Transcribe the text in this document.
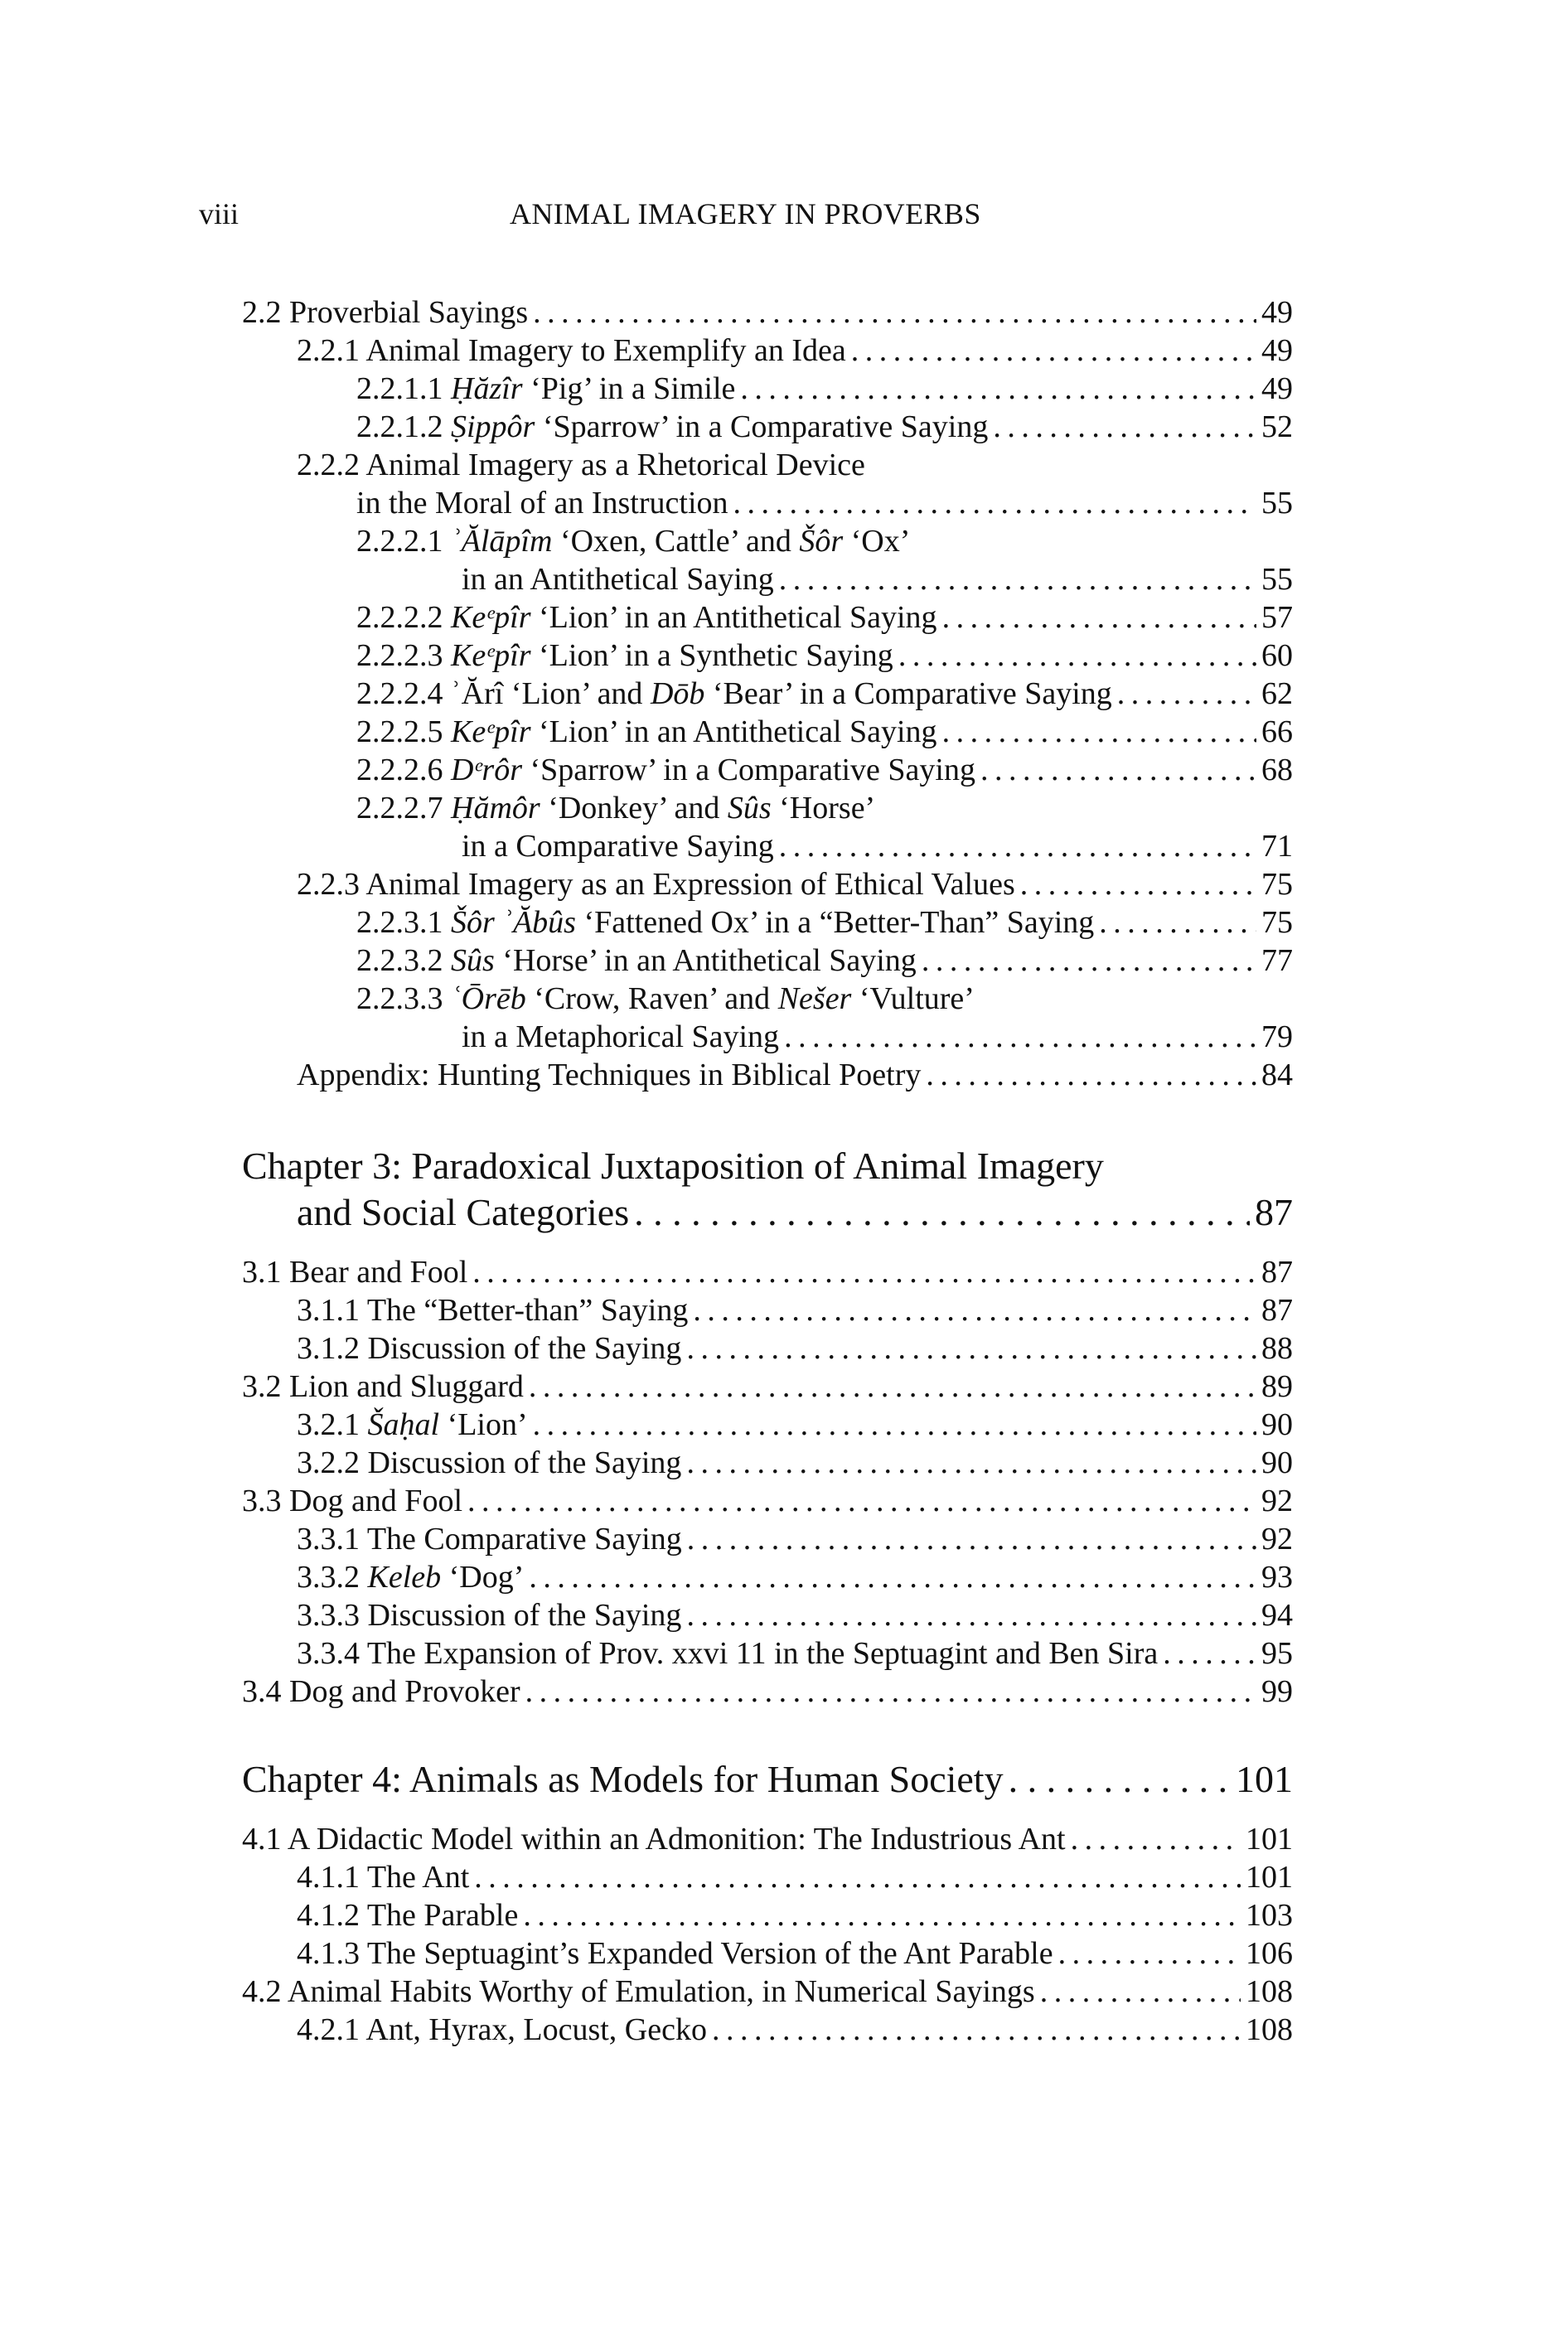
viii	ANIMAL IMAGERY IN PROVERBS
2.2 Proverbial Sayings . . .	49
2.2.1 Animal Imagery to Exemplify an Idea . . .	49
2.2.1.1 Ḥăzîr ‘Pig’ in a Simile . . .	49
2.2.1.2 Ṣippôr ‘Sparrow’ in a Comparative Saying . . .	52
2.2.2 Animal Imagery as a Rhetorical Device
in the Moral of an Instruction . . .	55
2.2.2.1 ʾĂlāpîm ‘Oxen, Cattle’ and Šôr ‘Ox’
in an Antithetical Saying . . .	55
2.2.2.2 Keᵉpîr ‘Lion’ in an Antithetical Saying . . .	57
2.2.2.3 Keᵉpîr ‘Lion’ in a Synthetic Saying . . .	60
2.2.2.4 ʾĂrî ‘Lion’ and Dōb ‘Bear’ in a Comparative Saying . . .	62
2.2.2.5 Keᵉpîr ‘Lion’ in an Antithetical Saying . . .	66
2.2.2.6 Dᵉrôr ‘Sparrow’ in a Comparative Saying . . .	68
2.2.2.7 Ḥămôr ‘Donkey’ and Sûs ‘Horse’
in a Comparative Saying . . .	71
2.2.3 Animal Imagery as an Expression of Ethical Values . . .	75
2.2.3.1 Šôr ʾĂbûs ‘Fattened Ox’ in a “Better-Than” Saying . . .	75
2.2.3.2 Sûs ‘Horse’ in an Antithetical Saying . . .	77
2.2.3.3 ʿŌrēb ‘Crow, Raven’ and Nešer ‘Vulture’
in a Metaphorical Saying . . .	79
Appendix: Hunting Techniques in Biblical Poetry . . .	84
Chapter 3: Paradoxical Juxtaposition of Animal Imagery
and Social Categories . . .	87
3.1 Bear and Fool . . .	87
3.1.1 The “Better-than” Saying . . .	87
3.1.2 Discussion of the Saying . . .	88
3.2 Lion and Sluggard . . .	89
3.2.1 Šaḥal ‘Lion’ . . .	90
3.2.2 Discussion of the Saying . . .	90
3.3 Dog and Fool . . .	92
3.3.1 The Comparative Saying . . .	92
3.3.2 Keleb ‘Dog’ . . .	93
3.3.3 Discussion of the Saying . . .	94
3.3.4 The Expansion of Prov. xxvi 11 in the Septuagint and Ben Sira . . .	95
3.4 Dog and Provoker . . .	99
Chapter 4: Animals as Models for Human Society . . .	101
4.1 A Didactic Model within an Admonition: The Industrious Ant . . .	101
4.1.1 The Ant . . .	101
4.1.2 The Parable . . .	103
4.1.3 The Septuagint’s Expanded Version of the Ant Parable . . .	106
4.2 Animal Habits Worthy of Emulation, in Numerical Sayings . . .	108
4.2.1 Ant, Hyrax, Locust, Gecko . . .	108
